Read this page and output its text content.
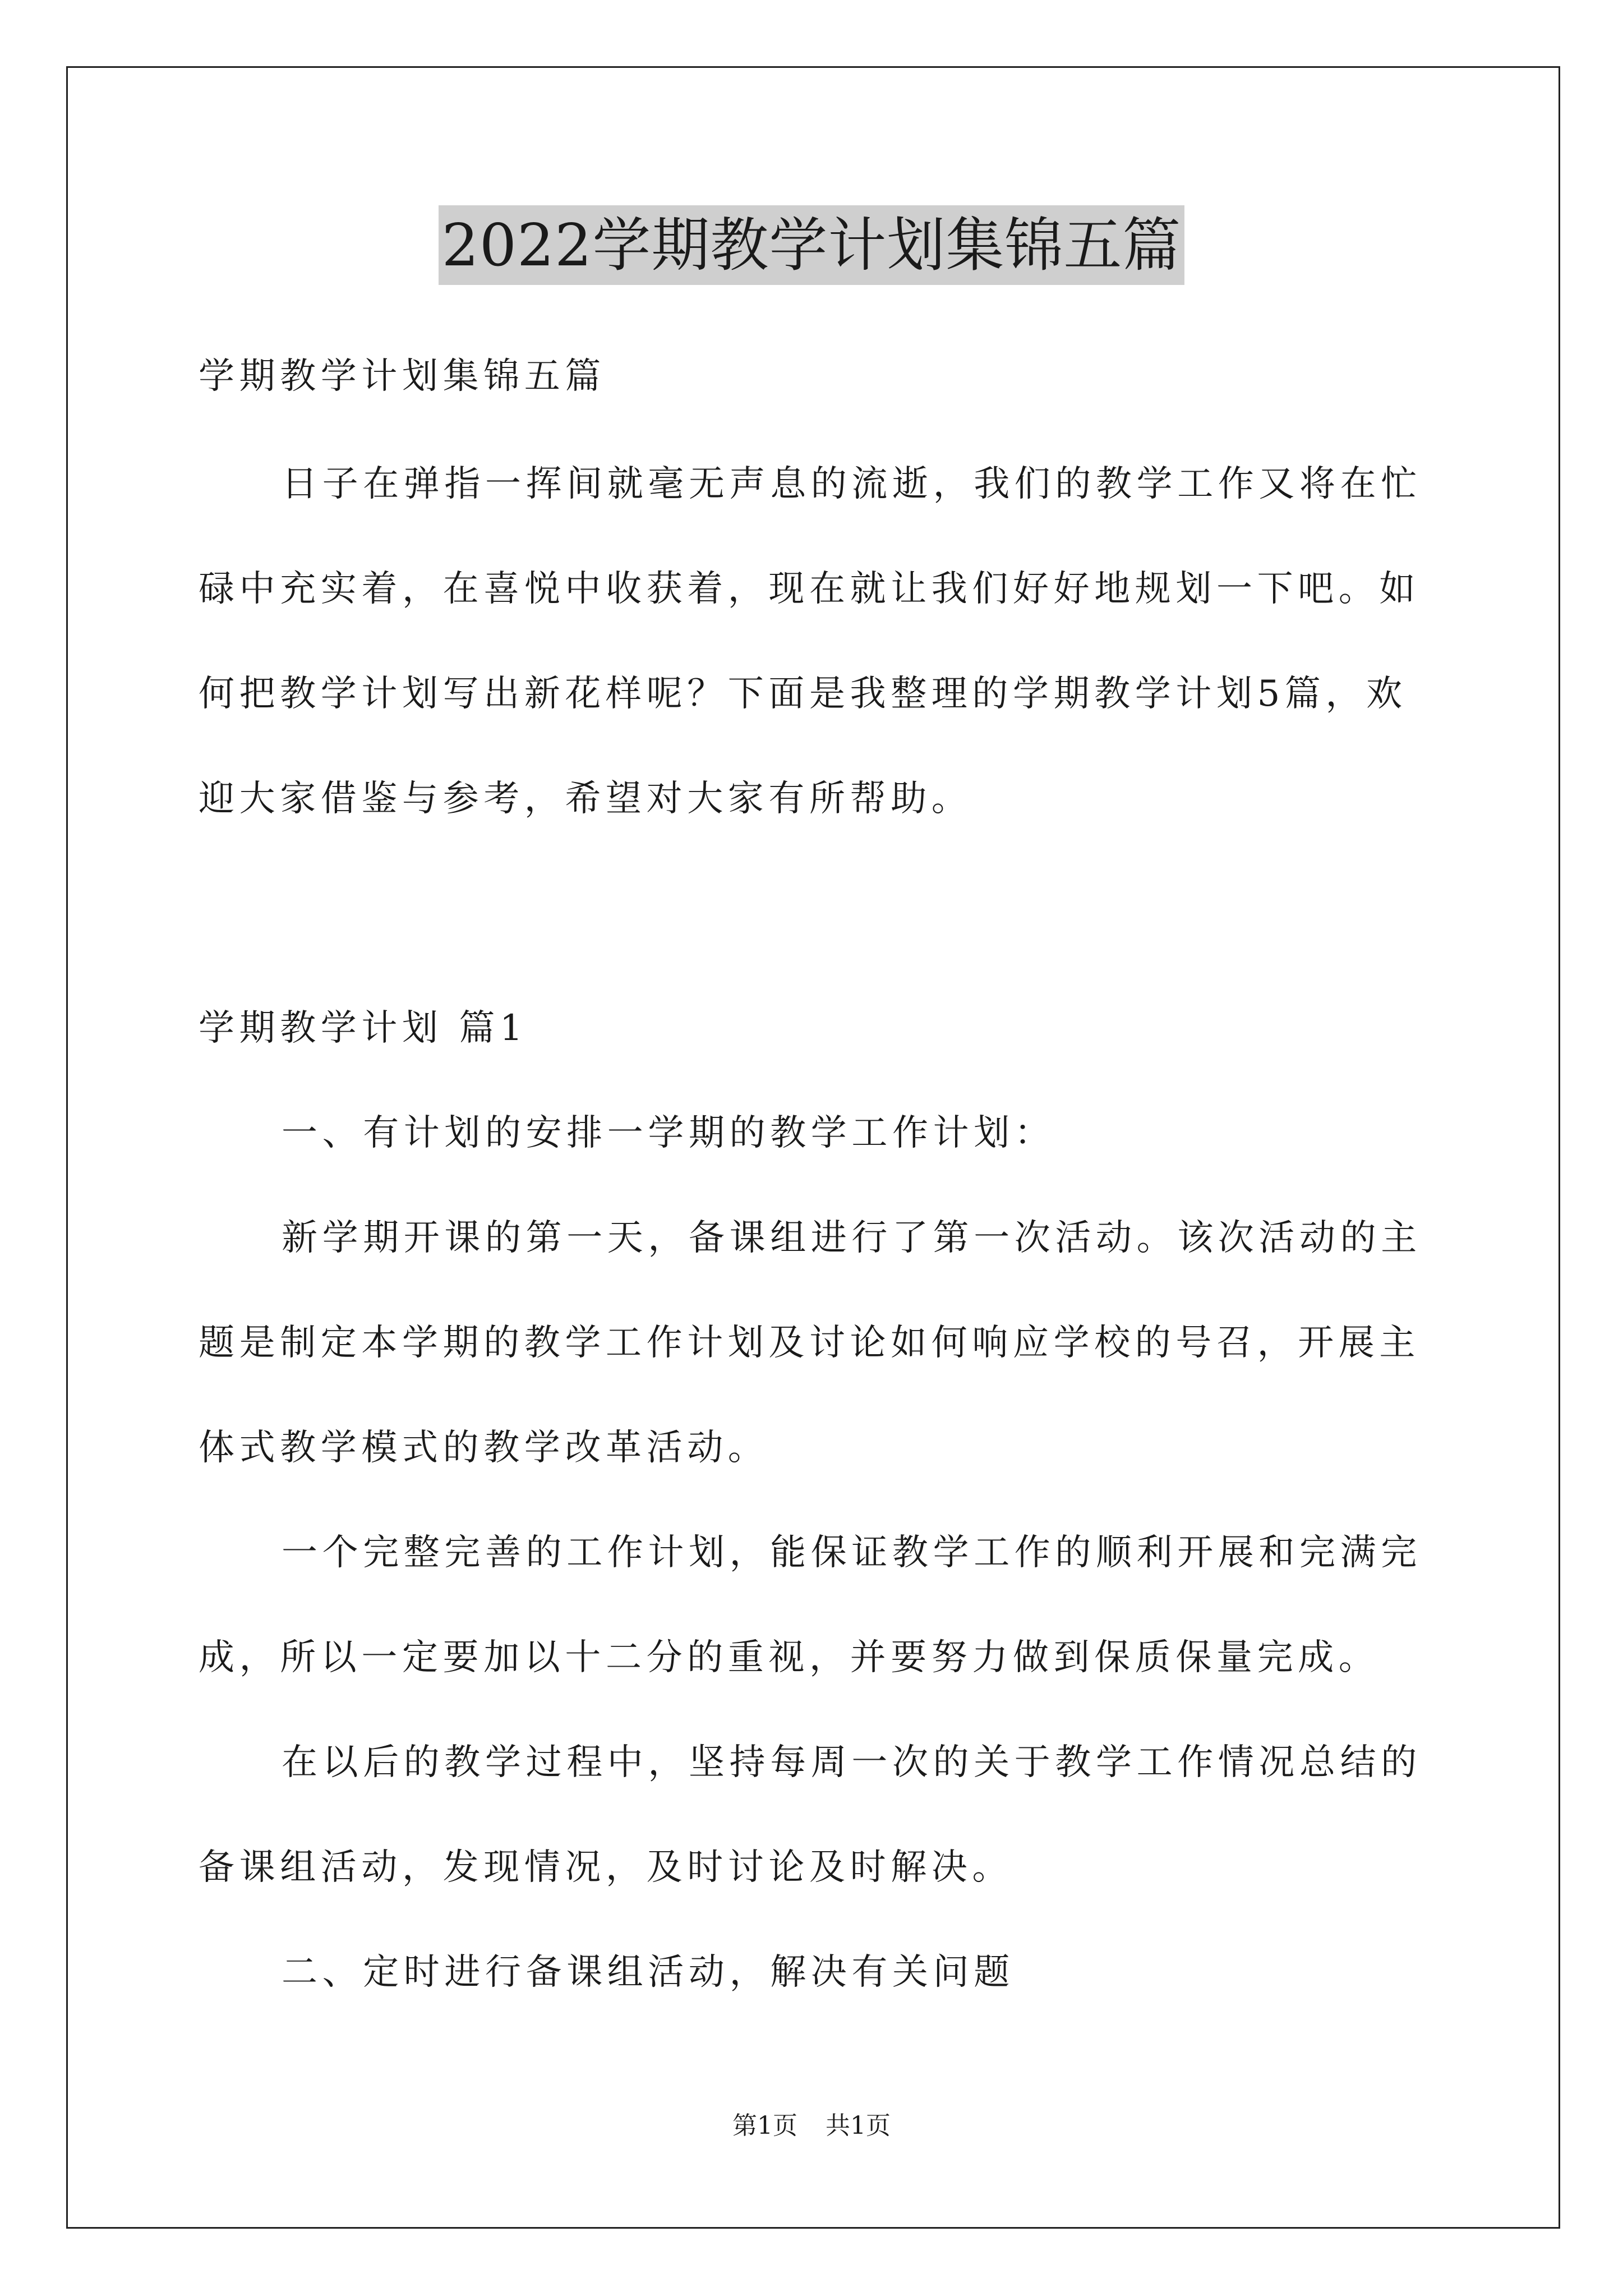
2022学期教学计划集锦五篇
学期教学计划集锦五篇
日子在弹指一挥间就毫无声息的流逝，我们的教学工作又将在忙
碌中充实着，在喜悦中收获着，现在就让我们好好地规划一下吧。如
何把教学计划写出新花样呢？下面是我整理的学期教学计划5篇，欢
迎大家借鉴与参考，希望对大家有所帮助。
学期教学计划 篇1
一、有计划的安排一学期的教学工作计划：
新学期开课的第一天，备课组进行了第一次活动。该次活动的主
题是制定本学期的教学工作计划及讨论如何响应学校的号召，开展主
体式教学模式的教学改革活动。
一个完整完善的工作计划，能保证教学工作的顺利开展和完满完
成，所以一定要加以十二分的重视，并要努力做到保质保量完成。
在以后的教学过程中，坚持每周一次的关于教学工作情况总结的
备课组活动，发现情况，及时讨论及时解决。
二、定时进行备课组活动，解决有关问题
第1页 共1页
